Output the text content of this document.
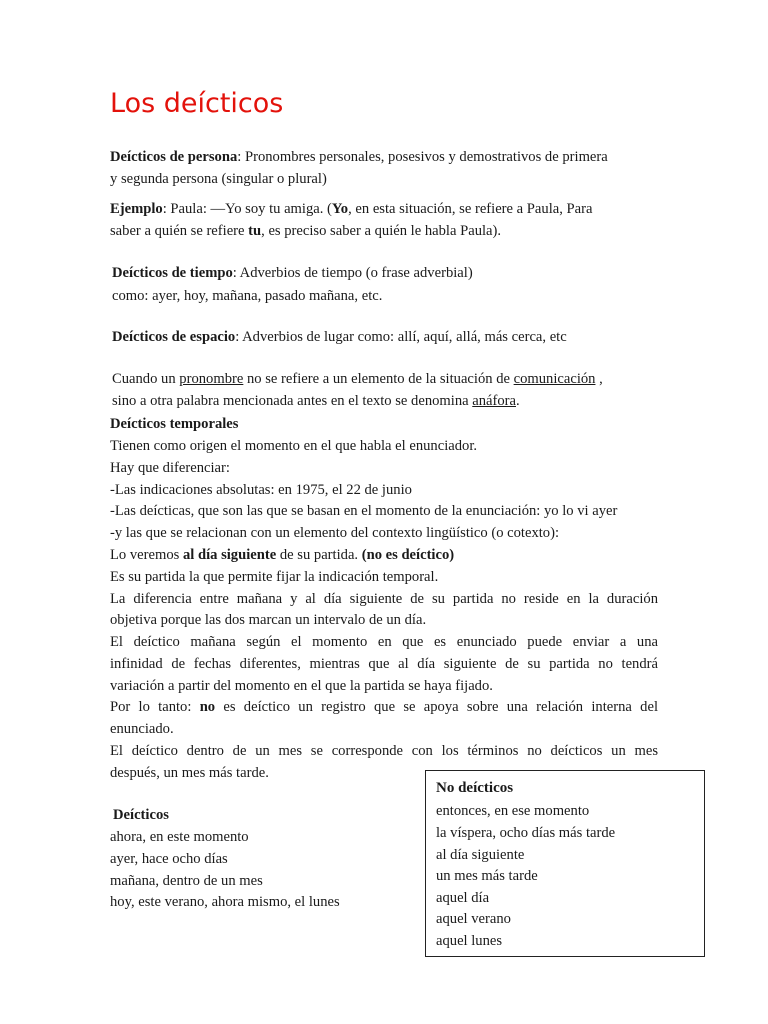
Los deícticos
Deícticos de persona: Pronombres personales, posesivos y demostrativos de primera
y segunda persona (singular o plural)
Ejemplo: Paula: —Yo soy tu amiga. (Yo, en esta situación, se refiere a Paula, Para
saber a quién se refiere tu, es preciso saber a quién le habla Paula).
Deícticos de tiempo: Adverbios de tiempo (o frase adverbial)
como: ayer, hoy, mañana, pasado mañana, etc.
Deícticos de espacio: Adverbios de lugar como: allí, aquí, allá, más cerca, etc
Cuando un pronombre no se refiere a un elemento de la situación de comunicación ,
sino a otra palabra mencionada antes en el texto se denomina anáfora.
Deícticos temporales
Tienen como origen el momento en el que habla el enunciador.
Hay que diferenciar:
-Las indicaciones absolutas: en 1975, el 22 de junio
-Las deícticas, que son las que se basan en el momento de la enunciación: yo lo vi ayer
-y las que se relacionan con un elemento del contexto lingüístico (o cotexto):
Lo veremos al día siguiente de su partida. (no es deíctico)
Es su partida la que permite fijar la indicación temporal.
La diferencia entre mañana y al día siguiente de su partida no reside en la duración
objetiva porque las dos marcan un intervalo de un día.
El deíctico mañana según el momento en que es enunciado puede enviar a una
infinidad de fechas diferentes, mientras que al día siguiente de su partida no tendrá
variación a partir del momento en el que la partida se haya fijado.
Por lo tanto: no es deíctico un registro que se apoya sobre una relación interna del
enunciado.
El deíctico dentro de un mes se corresponde con los términos no deícticos un mes
después, un mes más tarde.
Deícticos
ahora, en este momento
ayer, hace ocho días
mañana, dentro de un mes
hoy, este verano, ahora mismo, el lunes
No deícticos
entonces, en ese momento
la víspera, ocho días más tarde
al día siguiente
un mes más tarde
aquel día
aquel verano
aquel lunes
